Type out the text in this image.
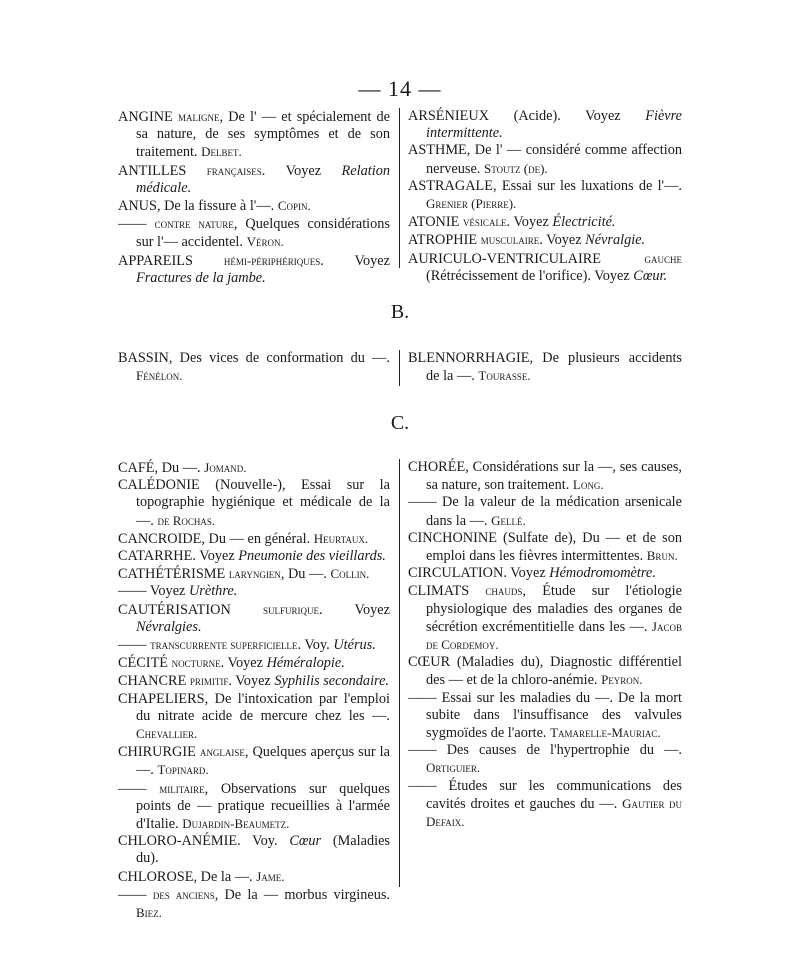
— 14 —
ANGINE maligne, De l' — et spécialement de sa nature, de ses symptômes et de son traitement. Delbet.
ANTILLES françaises. Voyez Relation médicale.
ANUS, De la fissure à l'—. Copin.
—— contre nature, Quelques considérations sur l'— accidentel. Véron.
APPAREILS hémi-périphériques. Voyez Fractures de la jambe.
ARSÉNIEUX (Acide). Voyez Fièvre intermittente.
ASTHME, De l' — considéré comme affection nerveuse. Stoutz (de).
ASTRAGALE, Essai sur les luxations de l'—. Grenier (Pierre).
ATONIE vésicale. Voyez Électricité.
ATROPHIE musculaire. Voyez Névralgie.
AURICULO-VENTRICULAIRE	gauche (Rétrécissement de l'orifice). Voyez Cœur.
B.
BASSIN, Des vices de conformation du —. Fénélon.
BLENNORRHAGIE, De plusieurs accidents de la —. Tourasse.
C.
CAFÉ, Du —. Jomand.
CALÉDONIE (Nouvelle-), Essai sur la topographie hygiénique et médicale de la —. de Rochas.
CANCROIDE, Du — en général. Heurtaux.
CATARRHE. Voyez Pneumonie des vieillards.
CATHÉTÉRISME laryngien, Du —. Collin.
—— Voyez Urèthre.
CAUTÉRISATION sulfurique. Voyez Névralgies.
—— transcurrente superficielle. Voy. Utérus.
CÉCITÉ nocturne. Voyez Héméralopie.
CHANCRE primitif. Voyez Syphilis secondaire.
CHAPELIERS, De l'intoxication par l'emploi du nitrate acide de mercure chez les —. Chevallier.
CHIRURGIE anglaise, Quelques aperçus sur la —. Topinard.
—— militaire, Observations sur quelques points de — pratique recueillies à l'armée d'Italie. Dujardin-Beaumetz.
CHLORO-ANÉMIE. Voy. Cœur (Maladies du).
CHLOROSE, De la —. Jame.
—— des anciens, De la — morbus virgineus. Biez.
CHORÉE, Considérations sur la —, ses causes, sa nature, son traitement. Long.
—— De la valeur de la médication arsenicale dans la —. Gellé.
CINCHONINE (Sulfate de), Du — et de son emploi dans les fièvres intermittentes. Brun.
CIRCULATION. Voyez Hémodromomètre.
CLIMATS chauds, Étude sur l'étiologie physiologique des maladies des organes de sécrétion excrémentitielle dans les —. Jacob de Cordemoy.
CŒUR (Maladies du), Diagnostic différentiel des — et de la chloro-anémie. Peyron.
—— Essai sur les maladies du —. De la mort subite dans l'insuffisance des valvules sygmoïdes de l'aorte. Tamarelle-Mauriac.
—— Des causes de l'hypertrophie du —. Ortiguier.
—— Études sur les communications des cavités droites et gauches du —. Gautier du Defaix.
